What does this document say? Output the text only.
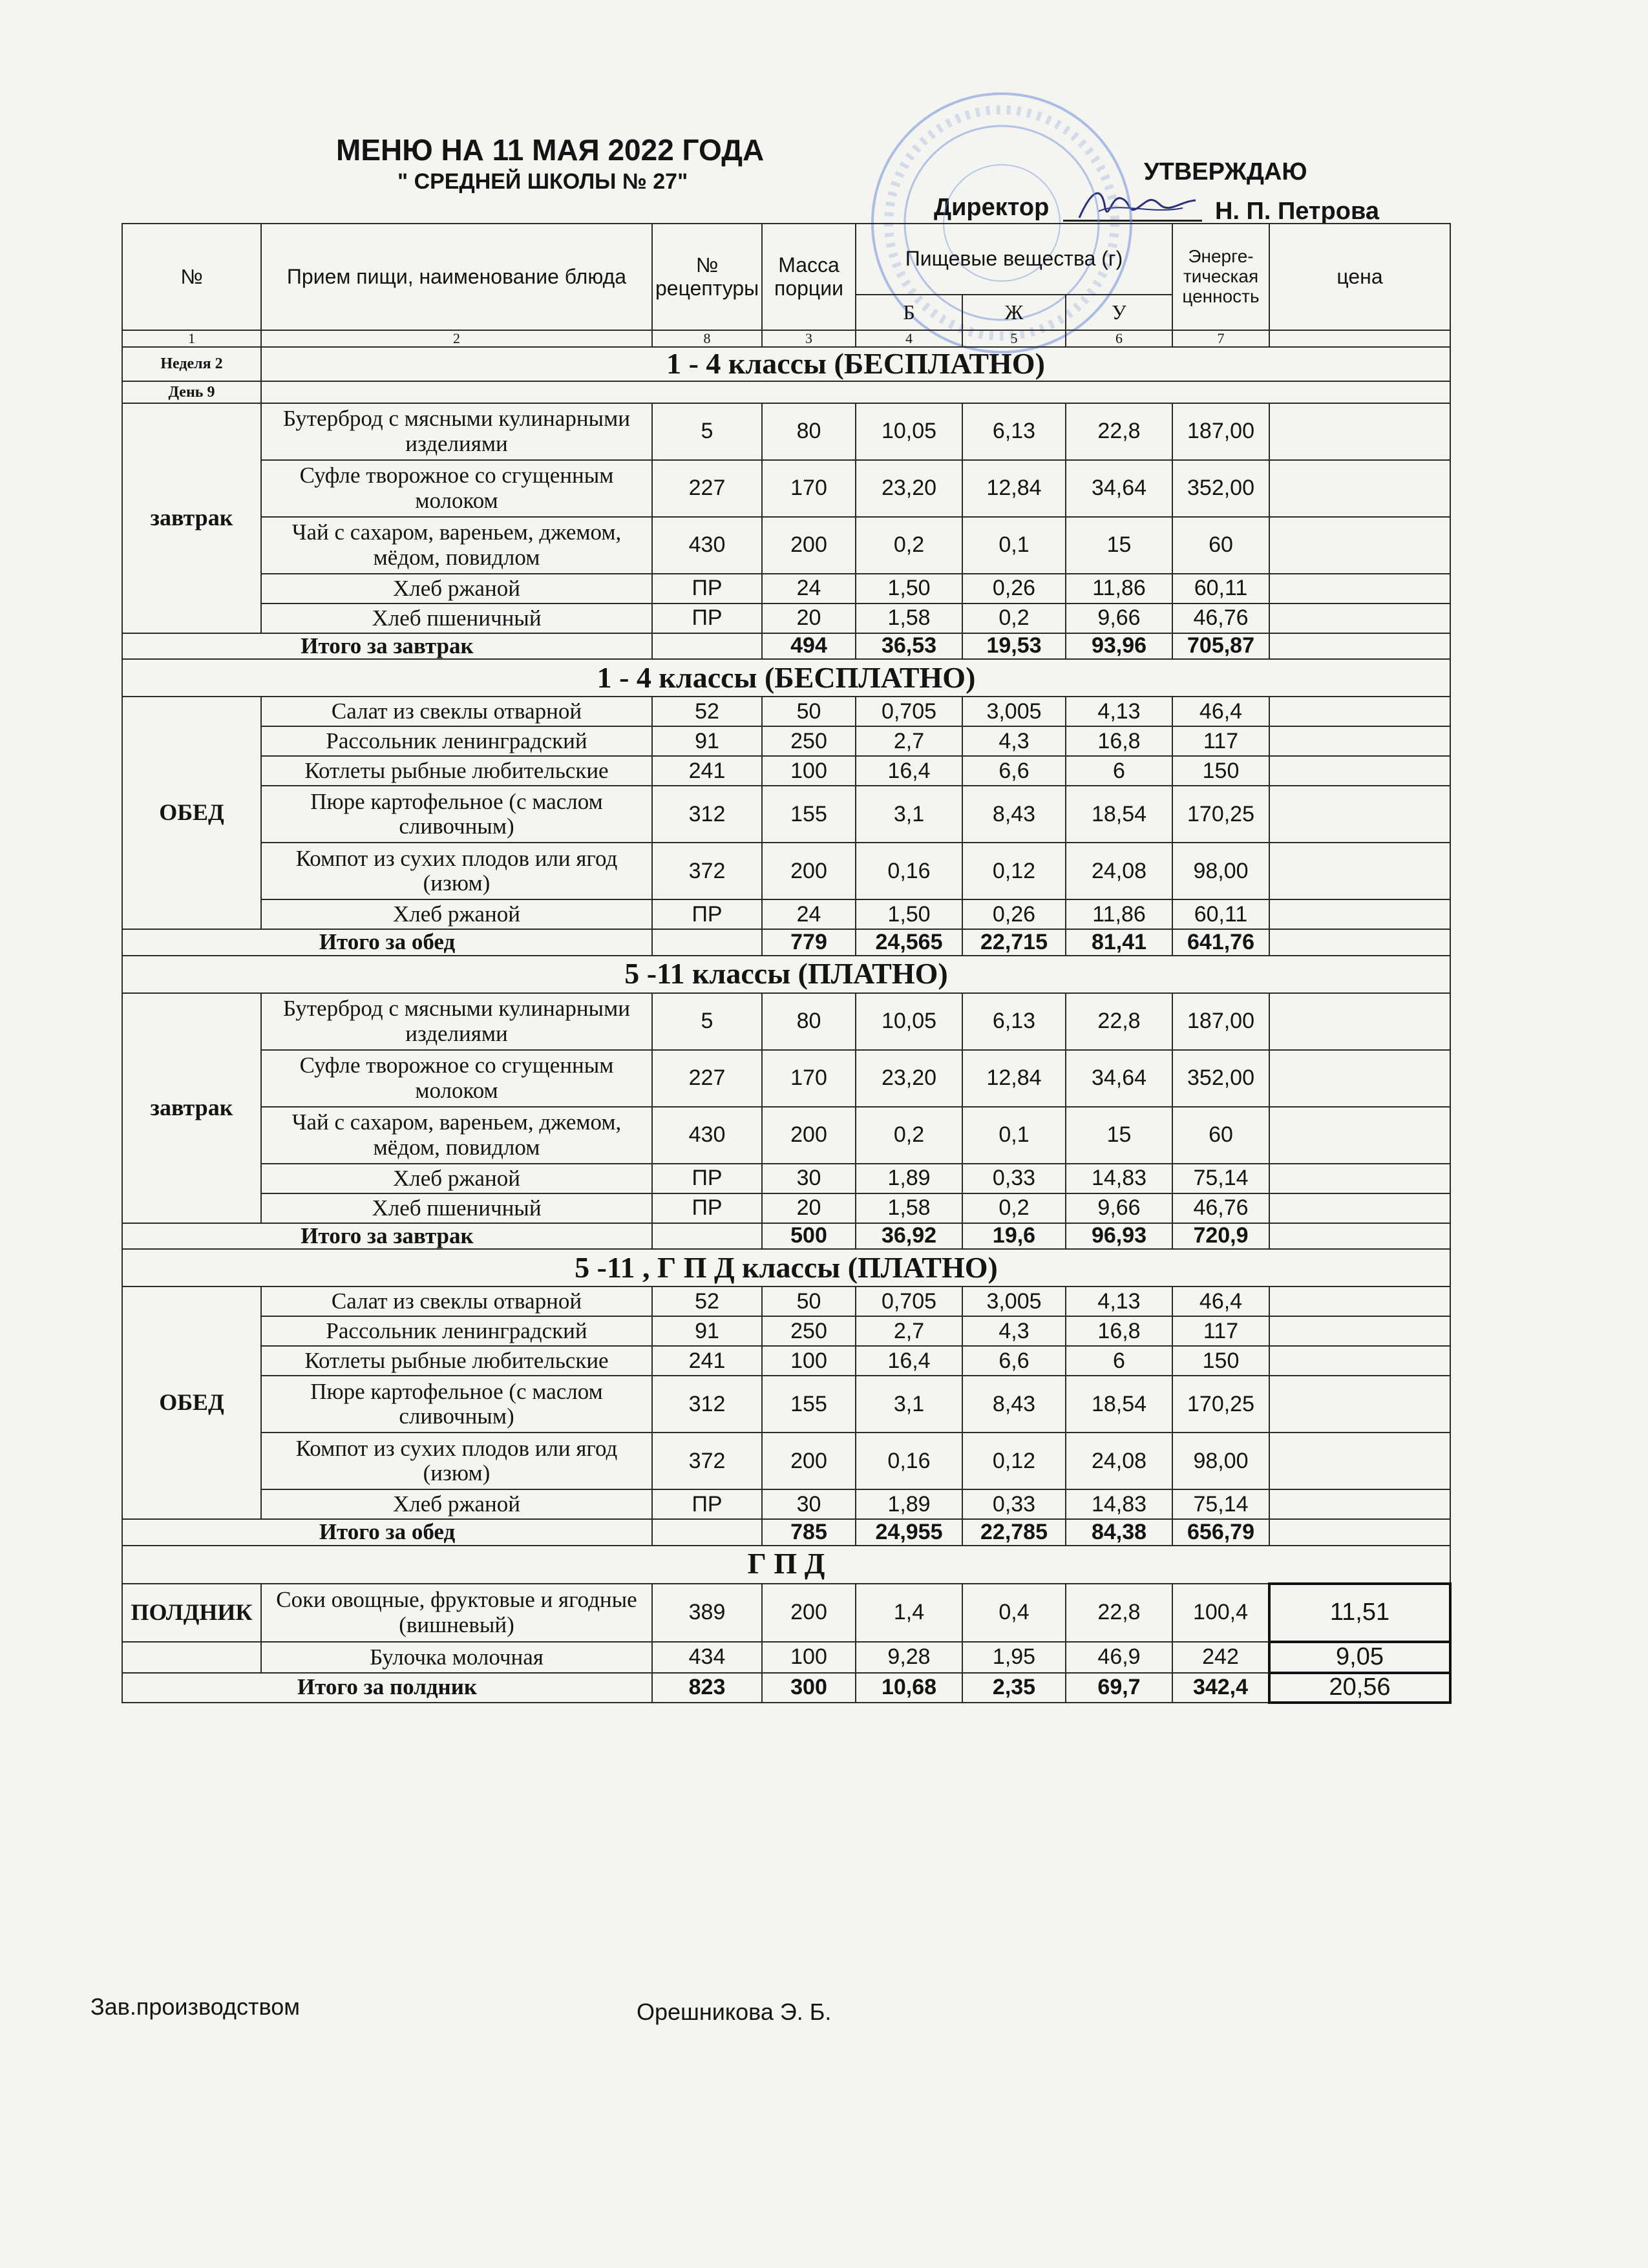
МЕНЮ НА 11 МАЯ 2022 ГОДА
" СРЕДНЕЙ ШКОЛЫ № 27"	УТВЕРЖДАЮ
Директор	Н. П. Петрова
№	Прием пищи, наименование блюда	№ рецептуры	Масса порции	Пищевые вещества (г)			Энерге-тическая ценность	цена
				Б	Ж	У		
1	2	8	3	4	5	6	7	
Неделя 2	1 - 4 классы (БЕСПЛАТНО)							
День 9								
завтрак	Бутерброд с мясными кулинарными изделиями	5	80	10,05	6,13	22,8	187,00	
	Суфле творожное со сгущенным молоком	227	170	23,20	12,84	34,64	352,00	
	Чай с сахаром, вареньем, джемом, мёдом, повидлом	430	200	0,2	0,1	15	60	
	Хлеб ржаной	ПР	24	1,50	0,26	11,86	60,11	
	Хлеб пшеничный	ПР	20	1,58	0,2	9,66	46,76	
Итого за завтрак			494	36,53	19,53	93,96	705,87	
1 - 4 классы (БЕСПЛАТНО)								
ОБЕД	Салат из свеклы отварной	52	50	0,705	3,005	4,13	46,4	
	Рассольник ленинградский	91	250	2,7	4,3	16,8	117	
	Котлеты рыбные любительские	241	100	16,4	6,6	6	150	
	Пюре картофельное (с маслом сливочным)	312	155	3,1	8,43	18,54	170,25	
	Компот из сухих плодов или ягод (изюм)	372	200	0,16	0,12	24,08	98,00	
	Хлеб ржаной	ПР	24	1,50	0,26	11,86	60,11	
Итого за обед			779	24,565	22,715	81,41	641,76	
5 -11 классы (ПЛАТНО)								
завтрак	Бутерброд с мясными кулинарными изделиями	5	80	10,05	6,13	22,8	187,00	
	Суфле творожное со сгущенным молоком	227	170	23,20	12,84	34,64	352,00	
	Чай с сахаром, вареньем, джемом, мёдом, повидлом	430	200	0,2	0,1	15	60	
	Хлеб ржаной	ПР	30	1,89	0,33	14,83	75,14	
	Хлеб пшеничный	ПР	20	1,58	0,2	9,66	46,76	
Итого за завтрак			500	36,92	19,6	96,93	720,9	
5 -11 , Г П Д классы (ПЛАТНО)								
ОБЕД	Салат из свеклы отварной	52	50	0,705	3,005	4,13	46,4	
	Рассольник ленинградский	91	250	2,7	4,3	16,8	117	
	Котлеты рыбные любительские	241	100	16,4	6,6	6	150	
	Пюре картофельное (с маслом сливочным)	312	155	3,1	8,43	18,54	170,25	
	Компот из сухих плодов или ягод (изюм)	372	200	0,16	0,12	24,08	98,00	
	Хлеб ржаной	ПР	30	1,89	0,33	14,83	75,14	
Итого за обед			785	24,955	22,785	84,38	656,79	
Г П Д								
ПОЛДНИК	Соки овощные, фруктовые и ягодные (вишневый)	389	200	1,4	0,4	22,8	100,4	11,51
	Булочка молочная	434	100	9,28	1,95	46,9	242	9,05
Итого за полдник		823	300	10,68	2,35	69,7	342,4	20,56
Зав.производством	Орешникова Э. Б.
